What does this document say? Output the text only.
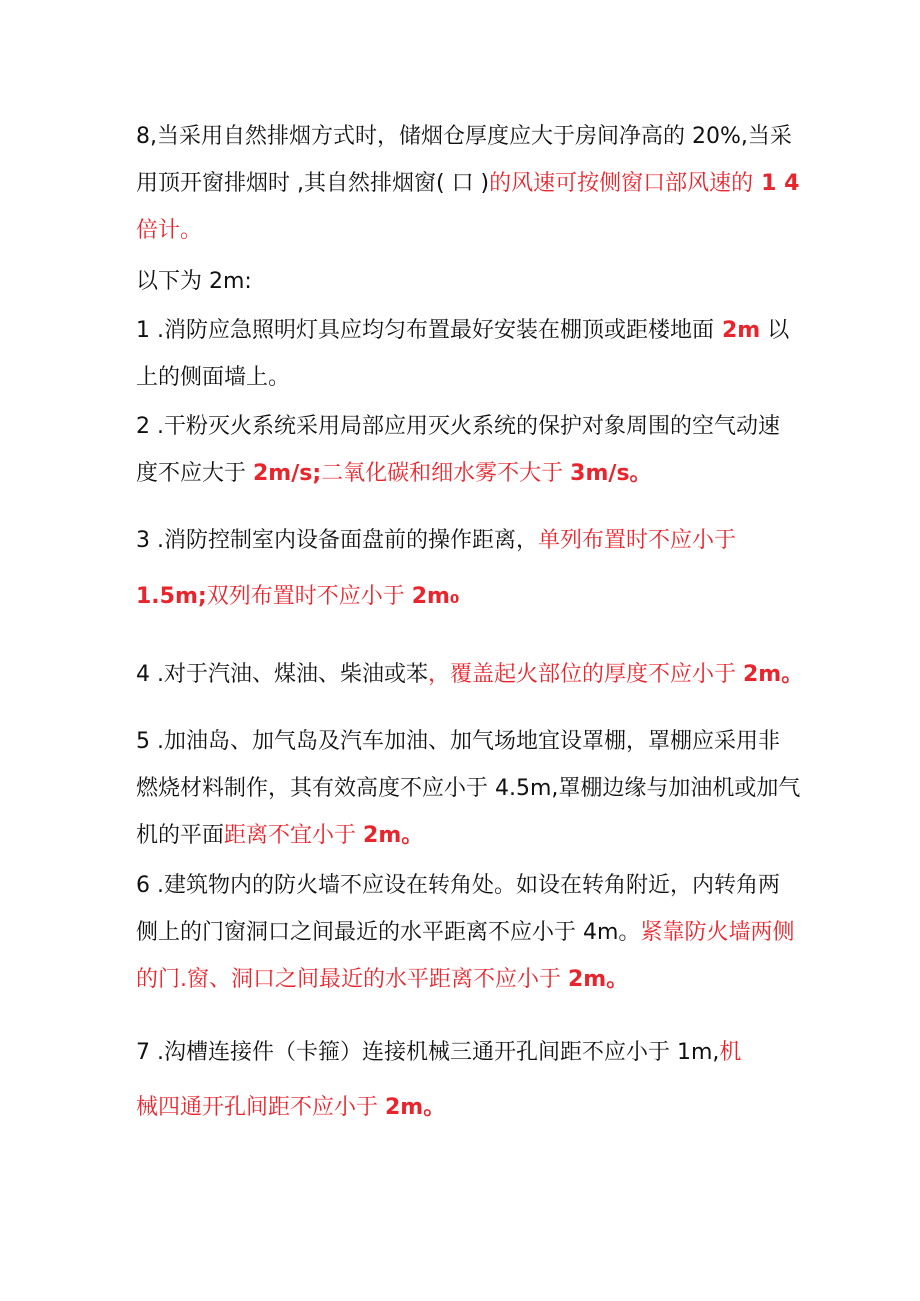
8,当采用自然排烟方式时，储烟仓厚度应大于房间净高的 20%,当采
用顶开窗排烟时 ,其自然排烟窗( 口 )的风速可按侧窗口部风速的 1 4
倍计。
以下为 2m:
1 .消防应急照明灯具应均匀布置最好安装在棚顶或距楼地面 2m 以
上的侧面墙上。
2 .干粉灭火系统采用局部应用灭火系统的保护对象周围的空气动速
度不应大于 2m∕s;二氧化碳和细水雾不大于 3m∕s。
3 .消防控制室内设备面盘前的操作距离，单列布置时不应小于
1.5m;双列布置时不应小于 2m₀
4 .对于汽油、煤油、柴油或苯，覆盖起火部位的厚度不应小于 2m。
5 .加油岛、加气岛及汽车加油、加气场地宜设罩棚，罩棚应采用非
燃烧材料制作，其有效高度不应小于 4.5m,罩棚边缘与加油机或加气
机的平面距离不宜小于 2m。
6 .建筑物内的防火墙不应设在转角处。如设在转角附近，内转角两
侧上的门窗洞口之间最近的水平距离不应小于 4m。紧靠防火墙两侧
的门.窗、洞口之间最近的水平距离不应小于 2m。
7 .沟槽连接件（卡箍）连接机械三通开孔间距不应小于 1m,机
械四通开孔间距不应小于 2m。
